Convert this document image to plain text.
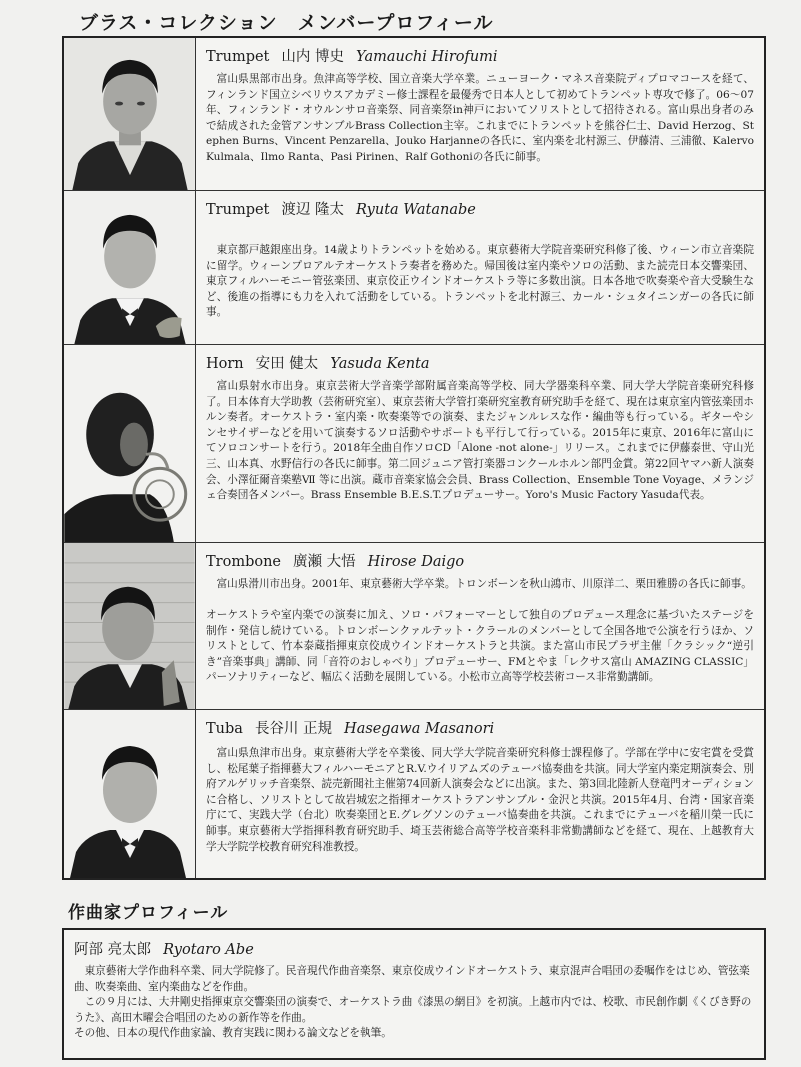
ブラス・コレクション　メンバープロフィール
Trumpet 山内 博史 Yamauchi Hirofumi
富山県黒部市出身。魚津高等学校、国立音楽大学卒業。ニューヨーク・マネス音楽院ディプロマコースを経て、フィンランド国立シベリウスアカデミー修士課程を最優秀で日本人として初めてトランペット専攻で修了。06〜07年、フィンランド・オウルンサロ音楽祭、同音楽祭in神戸においてソリストとして招待される。富山県出身者のみで結成された金管アンサンブルBrass Collection主宰。これまでにトランペットを熊谷仁士、David Herzog、Stephen Burns、Vincent Penzarella、Jouko Harjanneの各氏に、室内楽を北村源三、伊藤清、三浦徹、Kalervo Kulmala、Ilmo Ranta、Pasi Pirinen、Ralf Gothoniの各氏に師事。
Trumpet 渡辺 隆太 Ryuta Watanabe
東京都戸越銀座出身。14歳よりトランペットを始める。東京藝術大学院音楽研究科修了後、ウィーン市立音楽院に留学。ウィーンプロアルテオーケストラ奏者を務めた。帰国後は室内楽やソロの活動、また読売日本交響楽団、東京フィルハーモニー管弦楽団、東京佼正ウインドオーケストラ等に多数出演。日本各地で吹奏楽や音大受験生など、後進の指導にも力を入れて活動をしている。トランペットを北村源三、カール・シュタイニンガーの各氏に師事。
Horn 安田 健太 Yasuda Kenta
富山県射水市出身。東京芸術大学音楽学部附属音楽高等学校、同大学器楽科卒業、同大学大学院音楽研究科修了。日本体育大学助教（芸術研究室）、東京芸術大学管打楽研究室教育研究助手を経て、現在は東京室内管弦楽団ホルン奏者。オーケストラ・室内楽・吹奏楽等での演奏、またジャンルレスな作・編曲等も行っている。ギターやシンセサイザーなどを用いて演奏するソロ活動やサポートも平行して行っている。2015年に東京、2016年に富山にてソロコンサートを行う。2018年全曲自作ソロCD「Alone -not alone-」リリース。これまでに伊藤泰世、守山光三、山本真、水野信行の各氏に師事。第二回ジュニア管打楽器コンクールホルン部門金賞。第22回ヤマハ新人演奏会、小澤征爾音楽塾Ⅶ 等に出演。蔵市音楽家協会会員、Brass Collection、Ensemble Tone Voyage、メランジェ合奏団各メンバー。Brass Ensemble B.E.S.T.プロデューサー。Yoro's Music Factory Yasuda代表。
Trombone 廣瀬 大悟 Hirose Daigo
富山県滑川市出身。2001年、東京藝術大学卒業。トロンボーンを秋山鴻市、川原洋二、栗田雅勝の各氏に師事。
オーケストラや室内楽での演奏に加え、ソロ・パフォーマーとして独自のプロデュース理念に基づいたステージを制作・発信し続けている。トロンボーンクァルテット・クラールのメンバーとして全国各地で公演を行うほか、ソリストとして、竹本泰蔵指揮東京佼成ウインドオーケストラと共演。また富山市民プラザ主催「クラシック“逆引き”音楽事典」講師、同「音符のおしゃべり」プロデューサー、FMとやま「レクサス富山 AMAZING CLASSIC」パーソナリティーなど、幅広く活動を展開している。小松市立高等学校芸術コース非常勤講師。
Tuba 長谷川 正規 Hasegawa Masanori
富山県魚津市出身。東京藝術大学を卒業後、同大学大学院音楽研究科修士課程修了。学部在学中に安宅賞を受賞し、松尾葉子指揮藝大フィルハーモニアとR.V.ウイリアムズのテューバ協奏曲を共演。同大学室内楽定期演奏会、別府アルゲリッチ音楽祭、読売新聞社主催第74回新人演奏会などに出演。また、第3回北陸新人登竜門オーディションに合格し、ソリストとして故岩城宏之指揮オーケストラアンサンブル・金沢と共演。2015年4月、台湾・国家音楽庁にて、実践大学（台北）吹奏楽団とE.グレグソンのテューバ協奏曲を共演。これまでにテューバを稲川榮一氏に師事。東京藝術大学指揮科教育研究助手、埼玉芸術総合高等学校音楽科非常勤講師などを経て、現在、上越教育大学大学院学校教育研究科准教授。
作曲家プロフィール
阿部 亮太郎 Ryotaro Abe

東京藝術大学作曲科卒業、同大学院修了。民音現代作曲音楽祭、東京佼成ウインドオーケストラ、東京混声合唱団の委嘱作をはじめ、管弦楽曲、吹奏楽曲、室内楽曲などを作曲。

この９月には、大井剛史指揮東京交響楽団の演奏で、オーケストラ曲《漆黒の網目》を初演。上越市内では、校歌、市民創作劇《くびき野のうた》、高田木曜会合唱団のための新作等を作曲。

その他、日本の現代作曲家論、教育実践に関わる論文などを執筆。
